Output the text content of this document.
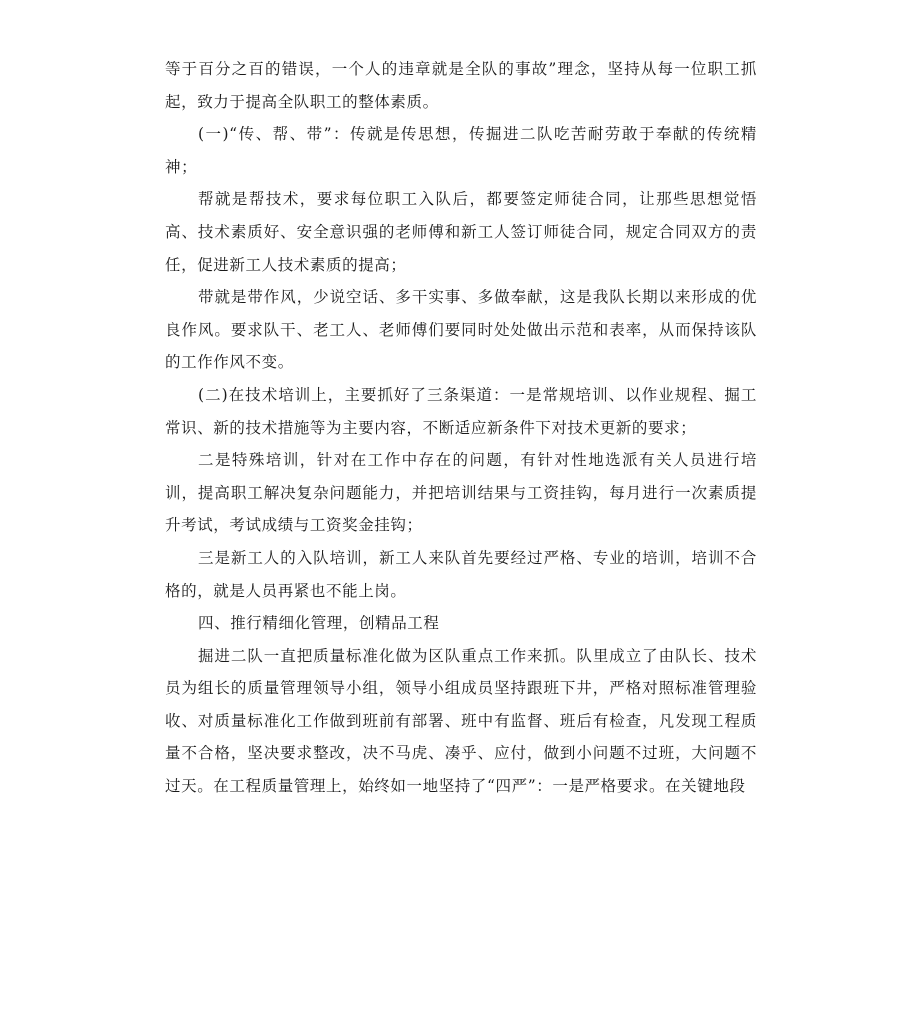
等于百分之百的错误，一个人的违章就是全队的事故”理念，坚持从每一位职工抓起，致力于提高全队职工的整体素质。

(一)“传、帮、带”：传就是传思想，传掘进二队吃苦耐劳敢于奉献的传统精神；

帮就是帮技术，要求每位职工入队后，都要签定师徒合同，让那些思想觉悟高、技术素质好、安全意识强的老师傅和新工人签订师徒合同，规定合同双方的责任，促进新工人技术素质的提高；

带就是带作风，少说空话、多干实事、多做奉献，这是我队长期以来形成的优良作风。要求队干、老工人、老师傅们要同时处处做出示范和表率，从而保持该队的工作作风不变。

(二)在技术培训上，主要抓好了三条渠道：一是常规培训、以作业规程、掘工常识、新的技术措施等为主要内容，不断适应新条件下对技术更新的要求；

二是特殊培训，针对在工作中存在的问题，有针对性地选派有关人员进行培训，提高职工解决复杂问题能力，并把培训结果与工资挂钩，每月进行一次素质提升考试，考试成绩与工资奖金挂钩；

三是新工人的入队培训，新工人来队首先要经过严格、专业的培训，培训不合格的，就是人员再紧也不能上岗。

四、推行精细化管理，创精品工程

掘进二队一直把质量标准化做为区队重点工作来抓。队里成立了由队长、技术员为组长的质量管理领导小组，领导小组成员坚持跟班下井，严格对照标准管理验收、对质量标准化工作做到班前有部署、班中有监督、班后有检查，凡发现工程质量不合格，坚决要求整改，决不马虎、凑乎、应付，做到小问题不过班，大问题不过天。在工程质量管理上，始终如一地坚持了“四严”：一是严格要求。在关键地段
